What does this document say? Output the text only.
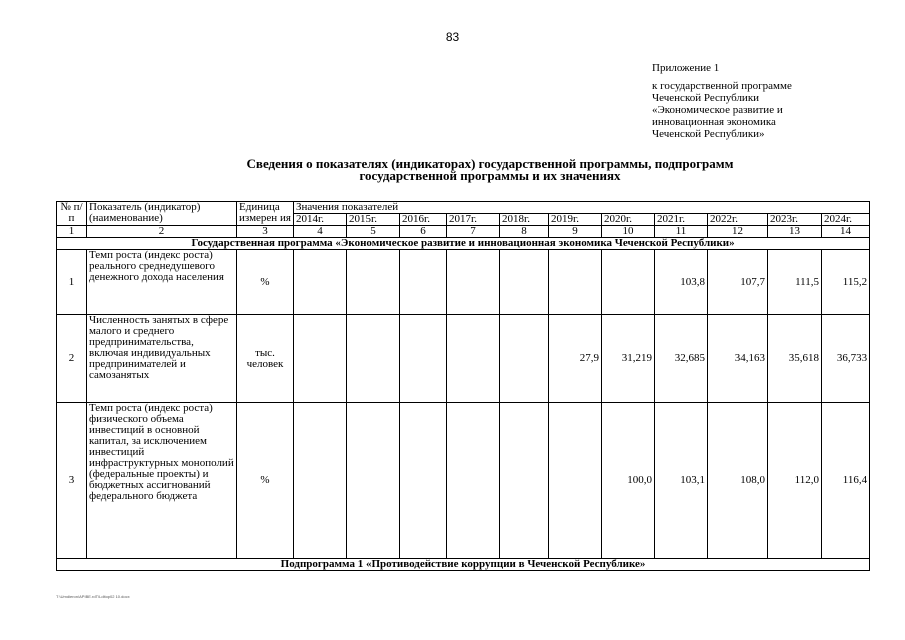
83
Приложение 1
к государственной программе
Чеченской Республики
«Экономическое развитие и
инновационная экономика
Чеченской Республики»
Сведения о показателях (индикаторах) государственной программы, подпрограмм
государственной программы и их значениях
№ п/п	Показатель (индикатор) (наименование)	Единица измерен ия	Значения показателей										
			2014г.	2015г.	2016г.	2017г.	2018г.	2019г.	2020г.	2021г.	2022г.	2023г.	2024г.
1	2	3	4	5	6	7	8	9	10	11	12	13	14
Государственная программа «Экономическое развитие и инновационная экономика Чеченской Республики»													
1	Темп роста (индекс роста) реального среднедушевого денежного дохода населения	%								103,8	107,7	111,5	115,2
2	Численность занятых в сфере малого и среднего предпринимательства, включая индивидуальных предпринимателей и самозанятых	тыс. человек						27,9	31,219	32,685	34,163	35,618	36,733
3	Темп роста (индекс роста) физического объема инвестиций в основной капитал, за исключением инвестиций инфраструктурных монополий (федеральные проекты) и бюджетных ассигнований федерального бюджета	%							100,0	103,1	108,0	112,0	116,4
Подпрограмма 1 «Противодействие коррупции в Чеченской Республике»													
Т:\Umdieron\APIBE.rdТ\Lditoр02 10.docx
